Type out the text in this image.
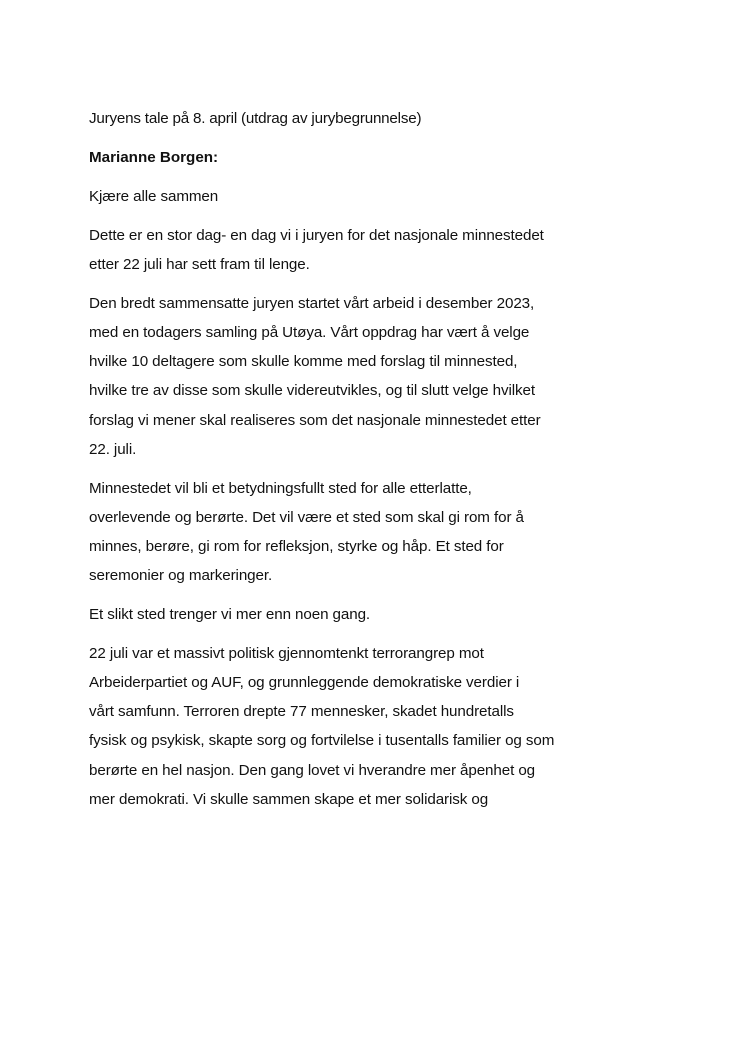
Juryens tale på 8. april (utdrag av jurybegrunnelse)

Marianne Borgen:

Kjære alle sammen

Dette er en stor dag- en dag vi i juryen for det nasjonale minnestedet
etter 22 juli har sett fram til lenge.

Den bredt sammensatte juryen startet vårt arbeid i desember 2023,
med en todagers samling på Utøya. Vårt oppdrag har vært å velge
hvilke 10 deltagere som skulle komme med forslag til minnested,
hvilke tre av disse som skulle videreutvikles, og til slutt velge hvilket
forslag vi mener skal realiseres som det nasjonale minnestedet etter
22. juli.

Minnestedet vil bli et betydningsfullt sted for alle etterlatte,
overlevende og berørte. Det vil være et sted som skal gi rom for å
minnes, berøre, gi rom for refleksjon, styrke og håp. Et sted for
seremonier og markeringer.

Et slikt sted trenger vi mer enn noen gang.

22 juli var et massivt politisk gjennomtenkt terrorangrep mot
Arbeiderpartiet og AUF, og grunnleggende demokratiske verdier i
vårt samfunn. Terroren drepte 77 mennesker, skadet hundretalls
fysisk og psykisk, skapte sorg og fortvilelse i tusentalls familier og som
berørte en hel nasjon. Den gang lovet vi hverandre mer åpenhet og
mer demokrati. Vi skulle sammen skape et mer solidarisk og
